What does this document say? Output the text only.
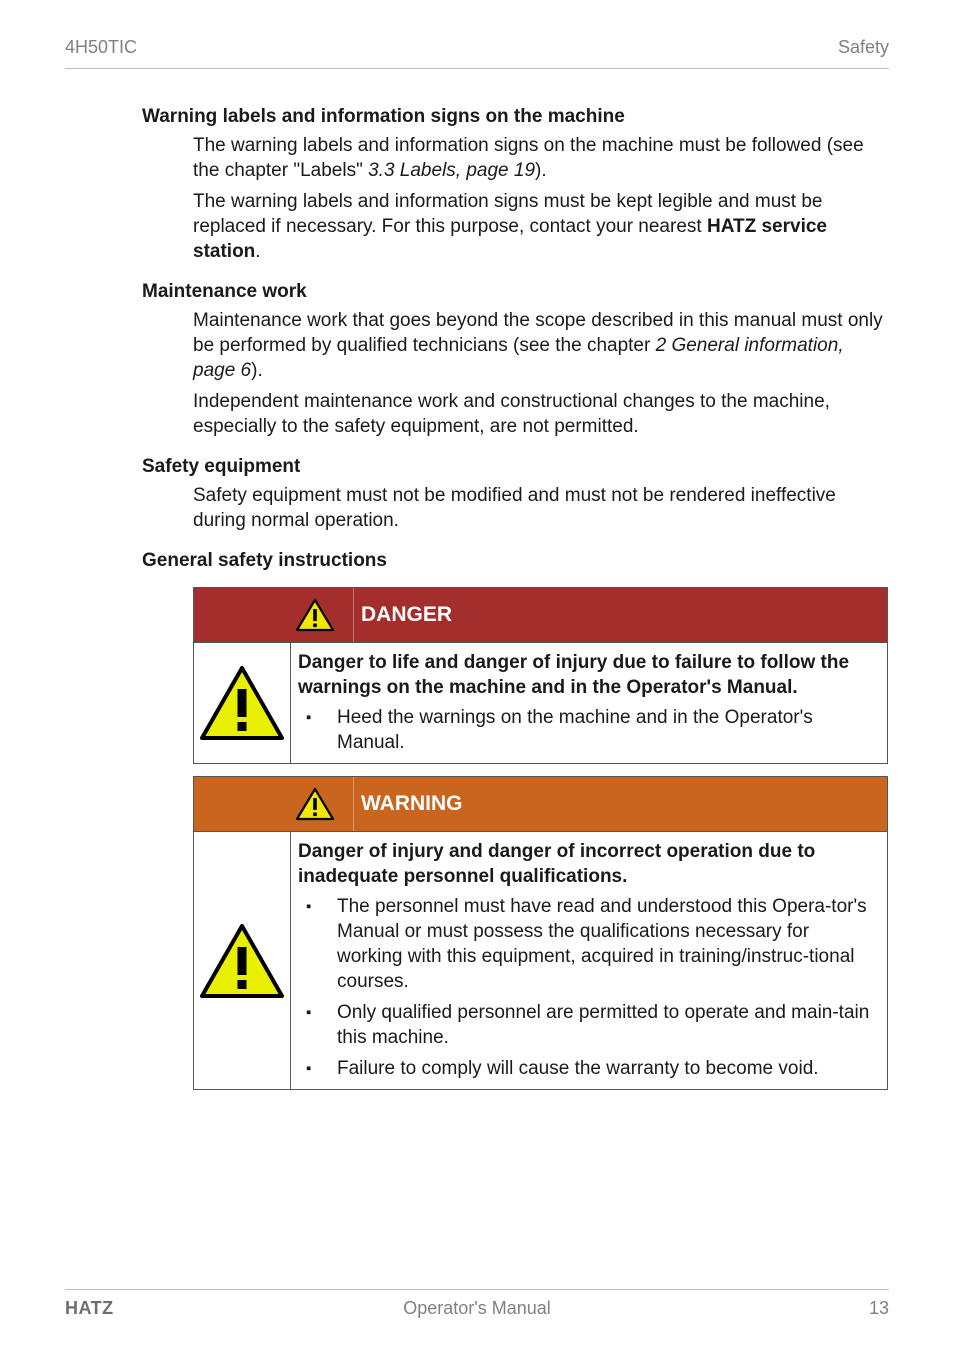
4H50TIC	Safety
Warning labels and information signs on the machine

The warning labels and information signs on the machine must be followed (see the chapter "Labels" 3.3 Labels, page 19).

The warning labels and information signs must be kept legible and must be replaced if necessary. For this purpose, contact your nearest HATZ service station.

Maintenance work

Maintenance work that goes beyond the scope described in this manual must only be performed by qualified technicians (see the chapter 2 General information, page 6).

Independent maintenance work and constructional changes to the machine, especially to the safety equipment, are not permitted.

Safety equipment

Safety equipment must not be modified and must not be rendered ineffective during normal operation.

General safety instructions
DANGER
Danger to life and danger of injury due to failure to follow the warnings on the machine and in the Operator's Manual.
▪ Heed the warnings on the machine and in the Operator's Manual.
WARNING
Danger of injury and danger of incorrect operation due to inadequate personnel qualifications.
▪ The personnel must have read and understood this Opera-tor's Manual or must possess the qualifications necessary for working with this equipment, acquired in training/instruc-tional courses.
▪ Only qualified personnel are permitted to operate and main-tain this machine.
▪ Failure to comply will cause the warranty to become void.
HATZ	Operator's Manual	13
